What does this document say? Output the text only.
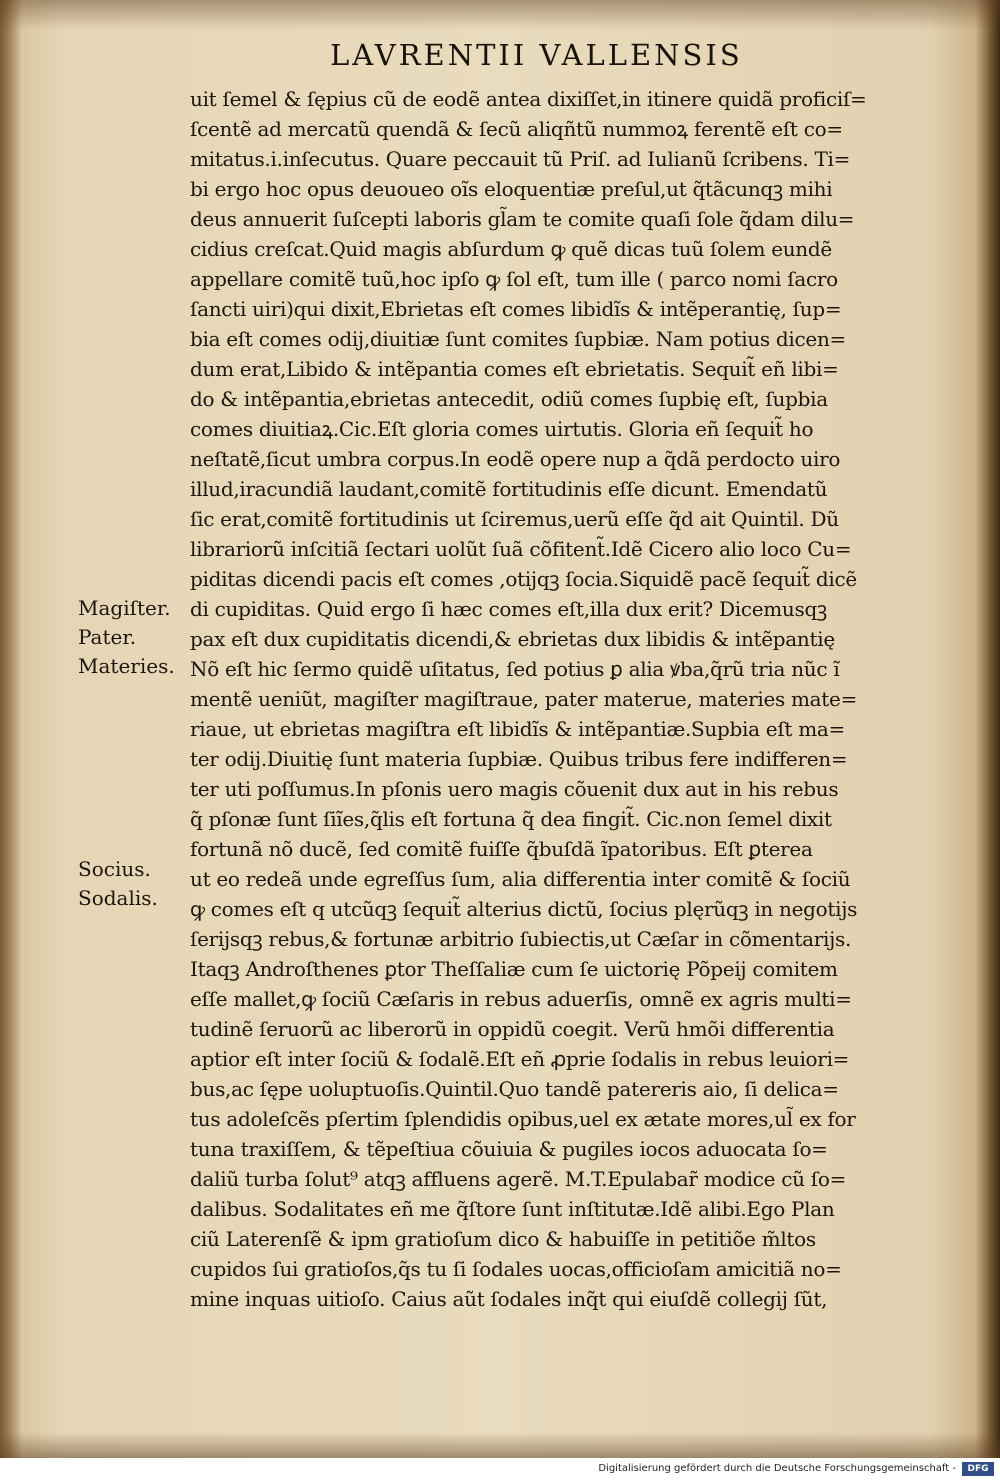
LAVRENTII VALLENSIS
Magiſter.
Pater.
Materies.
Socius.
Sodalis.
uit ſemel & ſępius cũ de eodẽ antea dixiſſet,in itinere quidã proficiſ=
ſcentẽ ad mercatũ quendã & ſecũ aliqñtũ nummoꝝ ferentẽ eſt co=
mitatus.i.inſecutus. Quare peccauit tũ Priſ. ad Iulianũ ſcribens. Ti=
bi ergo hoc opus deuoueo oĩs eloquentiæ preſul,ut q̃tãcunqꝫ mihi
deus annuerit ſuſcepti laboris gl̃am te comite quaſi ſole q̃dam dilu=
cidius creſcat.Quid magis abſurdum ꝙ quẽ dicas tuũ ſolem eundẽ
appellare comitẽ tuũ,hoc ipſo ꝙ ſol eſt, tum ille ( parco nomi ſacro
ſancti uiri)qui dixit,Ebrietas eſt comes libidĩs & intẽperantię, ſup=
bia eſt comes odij,diuitiæ ſunt comites ſupbiæ. Nam potius dicen=
dum erat,Libido & intẽpantia comes eſt ebrietatis. Sequit̃ eñ libi=
do & intẽpantia,ebrietas antecedit, odiũ comes ſupbię eſt, ſupbia
comes diuitiaꝝ.Cic.Eſt gloria comes uirtutis. Gloria eñ ſequit̃ ho
neſtatẽ,ſicut umbra corpus.In eodẽ opere nup a q̃dã perdocto uiro
illud,iracundiã laudant,comitẽ fortitudinis eſſe dicunt. Emendatũ
ſic erat,comitẽ fortitudinis ut ſciremus,uerũ eſſe q̃d ait Quintil. Dũ
librariorũ inſcitiã ſectari uolũt ſuã cõfitent̃.Idẽ Cicero alio loco Cu=
piditas dicendi pacis eſt comes ,otijqꝫ ſocia.Siquidẽ pacẽ ſequit̃ dicẽ
di cupiditas. Quid ergo ſi hæc comes eſt,illa dux erit? Dicemusqꝫ
pax eſt dux cupiditatis dicendi,& ebrietas dux libidis & intẽpantię
Nõ eſt hic ſermo quidẽ uſitatus, ſed potius ꝑ alia ꝟba,q̃rũ tria nũc ĩ
mentẽ ueniũt, magiſter magiſtraue, pater materue, materies mate=
riaue, ut ebrietas magiſtra eſt libidĩs & intẽpantiæ.Supbia eſt ma=
ter odij.Diuitię ſunt materia ſupbiæ. Quibus tribus fere indifferen=
ter uti poſſumus.In pſonis uero magis cõuenit dux aut in his rebus
q̃ pſonæ ſunt ſiĩes,q̃lis eſt fortuna q̃ dea fingit̃. Cic.non ſemel dixit
fortunã nõ ducẽ, ſed comitẽ fuiſſe q̃buſdã ĩpatoribus. Eſt ꝑterea
ut eo redeã unde egreſſus ſum, alia differentia inter comitẽ & ſociũ
ꝙ comes eſt q utcũqꝫ ſequit̃ alterius dictũ, ſocius plęrũqꝫ in negotijs
ſerijsqꝫ rebus,& fortunæ arbitrio ſubiectis,ut Cæſar in cõmentarijs.
Itaqꝫ Androſthenes ꝑtor Theſſaliæ cum ſe uictorię Põpeij comitem
eſſe mallet,ꝙ ſociũ Cæſaris in rebus aduerſis, omnẽ ex agris multi=
tudinẽ ſeruorũ ac liberorũ in oppidũ coegit. Verũ hmõi differentia
aptior eſt inter ſociũ & ſodalẽ.Eſt eñ ꝓprie ſodalis in rebus leuiori=
bus,ac ſępe uoluptuoſis.Quintil.Quo tandẽ patereris aio, ſi delica=
tus adoleſcẽs pſertim ſplendidis opibus,uel ex ætate mores,ul̃ ex for
tuna traxiſſem, & tẽpeſtiua cõuiuia & pugiles iocos aduocata ſo=
daliũ turba ſolut⁹ atqꝫ affluens agerẽ. M.T.Epulabar̃ modice cũ ſo=
dalibus. Sodalitates eñ me q̃ſtore ſunt inſtitutæ.Idẽ alibi.Ego Plan
ciũ Laterenſẽ & ipm gratioſum dico & habuiſſe in petitiõe m̃ltos
cupidos ſui gratioſos,q̃s tu ſi ſodales uocas,officioſam amicitiã no=
mine inquas uitioſo. Caius aũt ſodales inq̃t qui eiuſdẽ collegij ſũt,
Digitalisierung gefördert durch die Deutsche Forschungsgemeinschaft -	DFG
